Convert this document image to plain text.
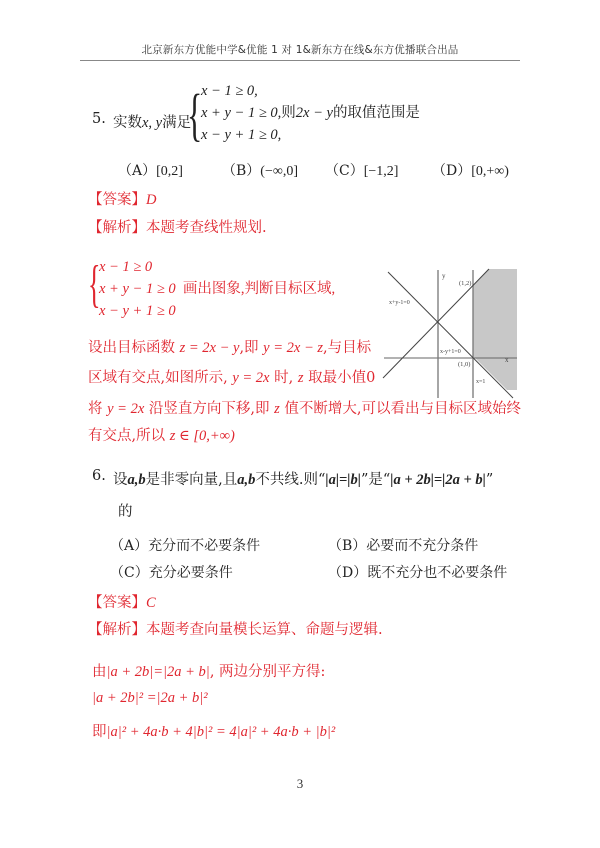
北京新东方优能中学&优能 1 对 1&新东方在线&东方优播联合出品
5. 实数x, y满足
{
x − 1 ≥ 0,
x + y − 1 ≥ 0,则2x − y的取值范围是
x − y + 1 ≥ 0,
（A）[0,2]	（B）(−∞,0] （C）[−1,2] （D）[0,+∞)
【答案】D
【解析】本题考查线性规划.
{
x − 1 ≥ 0
x + y − 1 ≥ 0 画出图象,判断目标区域,
x − y + 1 ≥ 0
设出目标函数 z = 2x − y,即 y = 2x − z,与目标
区域有交点,如图所示, y = 2x 时, z 取最小值0
将 y = 2x 沿竖直方向下移,即 z 值不断增大,可以看出与目标区域始终
有交点,所以 z ∈ [0,+∞)
y
x
x+y-1=0
x-y+1=0
x=1
(1,2)
(1,0)
6. 设a,b是非零向量,且a,b不共线.则“|a|=|b|”是“|a + 2b|=|2a + b|”
的
（A）充分而不必要条件	（B）必要而不充分条件
（C）充分必要条件	（D）既不充分也不必要条件
【答案】C
【解析】本题考查向量模长运算、命题与逻辑.
由|a + 2b|=|2a + b|, 两边分别平方得:
|a + 2b|² =|2a + b|²
即|a|² + 4a·b + 4|b|² = 4|a|² + 4a·b + |b|²
3
